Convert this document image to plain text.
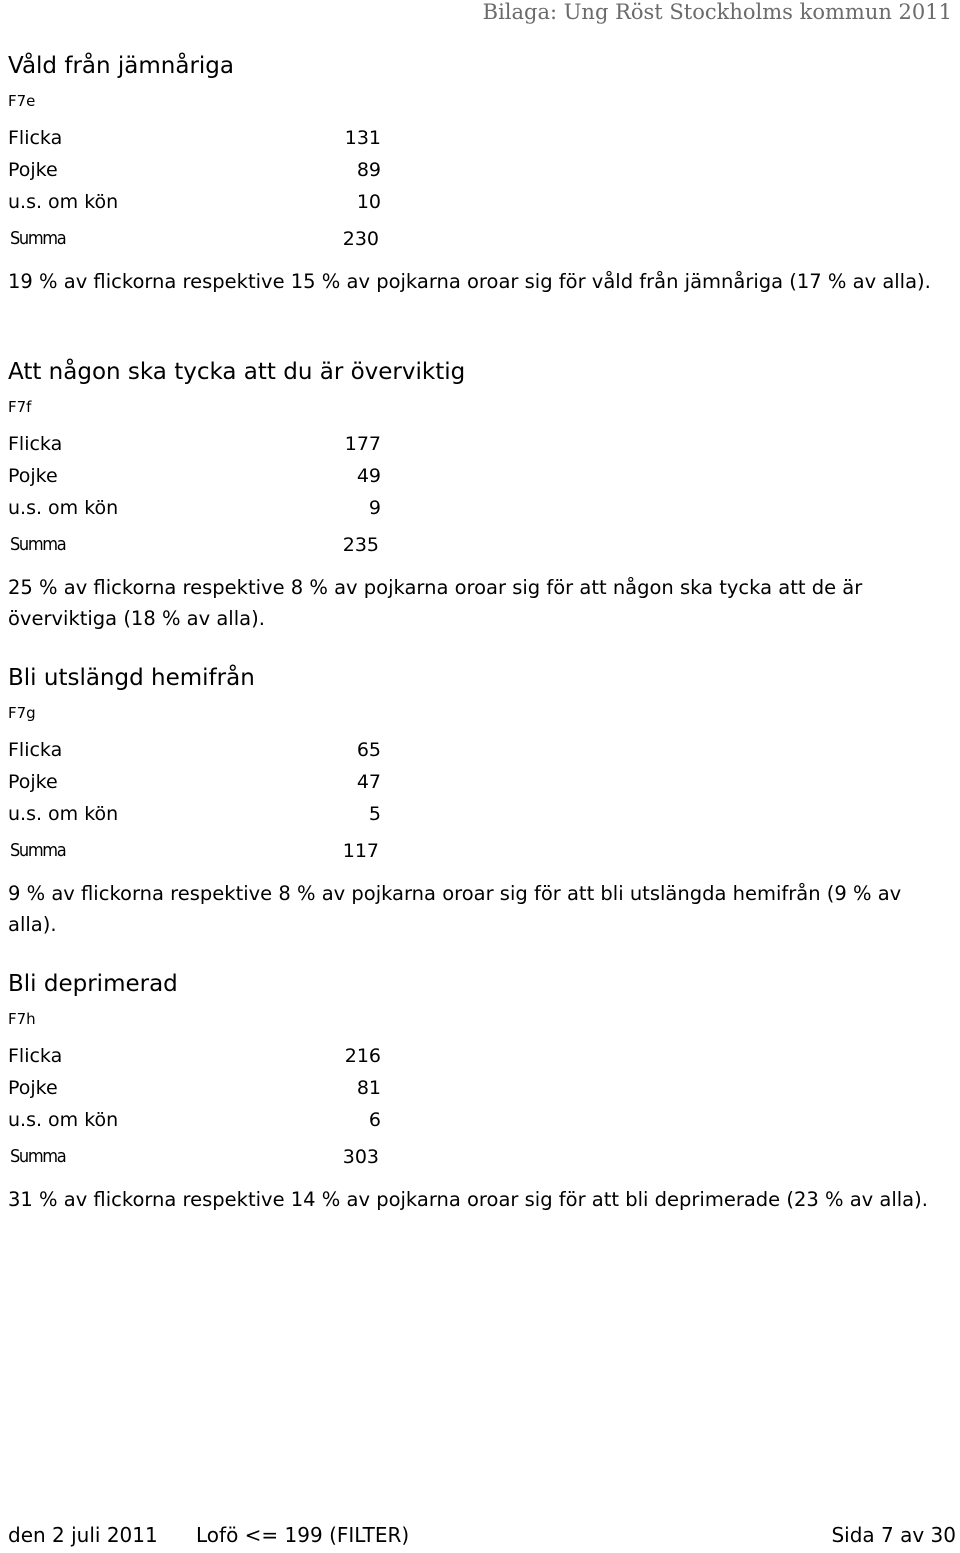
Bilaga: Ung Röst Stockholms kommun 2011
Våld från jämnåriga
F7e
Flicka	131
Pojke	89
u.s. om kön	10
Summa	230
19 % av flickorna respektive 15 % av pojkarna oroar sig för våld från jämnåriga (17 % av alla).
Att någon ska tycka att du är överviktig
F7f
Flicka	177
Pojke	49
u.s. om kön	9
Summa	235
25 % av flickorna respektive 8 % av pojkarna oroar sig för att någon ska tycka att de är överviktiga (18 % av alla).
Bli utslängd hemifrån
F7g
Flicka	65
Pojke	47
u.s. om kön	5
Summa	117
9 % av flickorna respektive 8 % av pojkarna oroar sig för att bli utslängda hemifrån (9 % av alla).
Bli deprimerad
F7h
Flicka	216
Pojke	81
u.s. om kön	6
Summa	303
31 % av flickorna respektive 14 % av pojkarna oroar sig för att bli deprimerade (23 % av alla).
den 2 juli 2011 Lofö <= 199 (FILTER)	Sida 7 av 30
